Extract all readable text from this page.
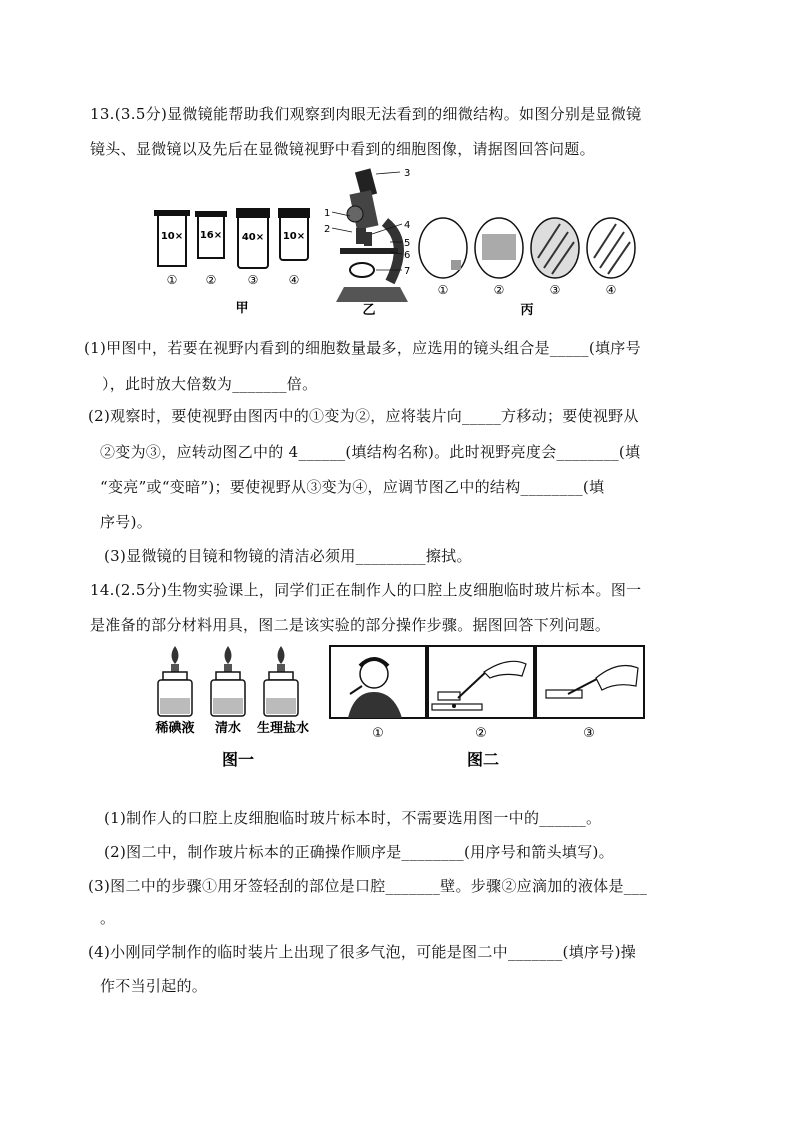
13.(3.5分)显微镜能帮助我们观察到肉眼无法看到的细微结构。如图分别是显微镜
镜头、显微镜以及先后在显微镜视野中看到的细胞图像，请据图回答问题。
10× 16× 40× 10×
① ②	③	④
甲
1
2
3
4
5
6
7
乙
①	②	③	④
丙
(1)甲图中，若要在视野内看到的细胞数量最多，应选用的镜头组合是_____(填序号
），此时放大倍数为_______倍。
(2)观察时，要使视野由图丙中的①变为②，应将装片向_____方移动；要使视野从
②变为③，应转动图乙中的 4______(填结构名称)。此时视野亮度会________(填
“变亮”或“变暗”)；要使视野从③变为④，应调节图乙中的结构________(填
序号)。
(3)显微镜的目镜和物镜的清洁必须用_________擦拭。
14.(2.5分)生物实验课上，同学们正在制作人的口腔上皮细胞临时玻片标本。图一
是准备的部分材料用具，图二是该实验的部分操作步骤。据图回答下列问题。
稀碘液 清水 生理盐水
图一
①	②	③
图二
(1)制作人的口腔上皮细胞临时玻片标本时，不需要选用图一中的______。
(2)图二中，制作玻片标本的正确操作顺序是________(用序号和箭头填写)。
(3)图二中的步骤①用牙签轻刮的部位是口腔_______壁。步骤②应滴加的液体是___
。
(4)小刚同学制作的临时装片上出现了很多气泡，可能是图二中_______(填序号)操
作不当引起的。
